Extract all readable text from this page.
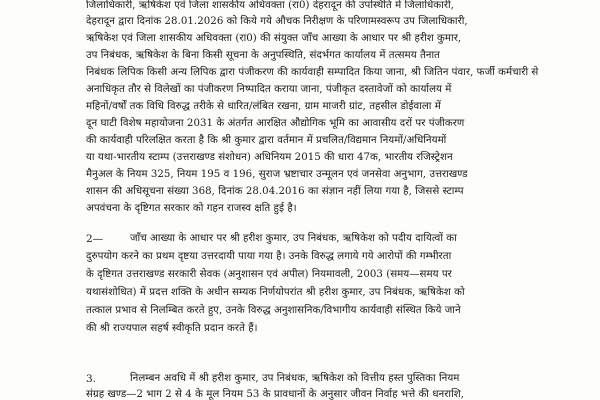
जिलाधिकारी, ऋषिकेश एवं जिला शासकीय अधिवक्ता (रा0) देहरादून की उपस्थिति में जिलाधिकारी,
देहरादून द्वारा दिनांक 28.01.2026 को किये गये औचक निरीक्षण के परिणामस्वरूप उप जिलाधिकारी,
ऋषिकेश एवं जिला शासकीय अधिवक्ता (रा0) की संयुक्त जाँच आख्या के आधार पर श्री हरीश कुमार,
उप निबंधक, ऋषिकेश के बिना किसी सूचना के अनुपस्थिति, संदर्भगत कार्यालय में तत्समय तैनात
निबंधक लिपिक किसी अन्य लिपिक द्वारा पंजीकरण की कार्यवाही सम्पादित किया जाना, श्री जितिन पंवार, फर्जी कर्मचारी से
अनाधिकृत तौर से विलेखों का पंजीकरण निष्पादित कराया जाना, पंजीकृत दस्तावेजों को कार्यालय में
महिनों/वर्षों तक विधि विरुद्ध तरीके से धारित/लंबित रखना, ग्राम माजरी ग्रांट, तहसील डोईवाला में
दून घाटी विशेष महायोजना 2031 के अंतर्गत आरक्षित औद्योगिक भूमि का आवासीय दरों पर पंजीकरण
की कार्यवाही परिलक्षित करता है कि श्री कुमार द्वारा वर्तमान में प्रचलित/विद्यमान नियमों/अधिनियमों
या यथा-भारतीय स्टाम्प (उत्तराखण्ड संशोधन) अधिनियम 2015 की धारा 47क, भारतीय रजिस्ट्रेशन
मैनुअल के नियम 325, नियम 195 व 196, सुराज भ्रष्टाचार उन्मूलन एवं जनसेवा अनुभाग, उत्तराखण्ड
शासन की अधिसूचना संख्या 368, दिनांक 28.04.2016 का संज्ञान नहीं लिया गया है, जिससे स्टाम्प
अपवंचना के दृष्टिगत सरकार को गहन राजस्व क्षति हुई है।
2—	जाँच आख्या के आधार पर श्री हरीश कुमार, उप निबंधक, ऋषिकेश को पदीय दायित्वों का
दुरुपयोग करने का प्रथम दृष्टया उत्तरदायी पाया गया है। उनके विरुद्ध लगाये गये आरोपों की गम्भीरता
के दृष्टिगत उत्तराखण्ड सरकारी सेवक (अनुशासन एवं अपील) नियमावली, 2003 (समय—समय पर
यथासंशोधित) में प्रदत्त शक्ति के अधीन सम्यक निर्णयोपरांत श्री हरीश कुमार, उप निबंधक, ऋषिकेश को
तत्काल प्रभाव से निलम्बित करते हुए, उनके विरुद्ध अनुशासनिक/विभागीय कार्यवाही संस्थित किये जाने
की श्री राज्यपाल सहर्ष स्वीकृति प्रदान करते हैं।
3.	निलम्बन अवधि में श्री हरीश कुमार, उप निबंधक, ऋषिकेश को वित्तीय हस्त पुस्तिका नियम
संग्रह खण्ड—2 भाग 2 से 4 के मूल नियम 53 के प्रावधानों के अनुसार जीवन निर्वाह भत्ते की धनराशि,
